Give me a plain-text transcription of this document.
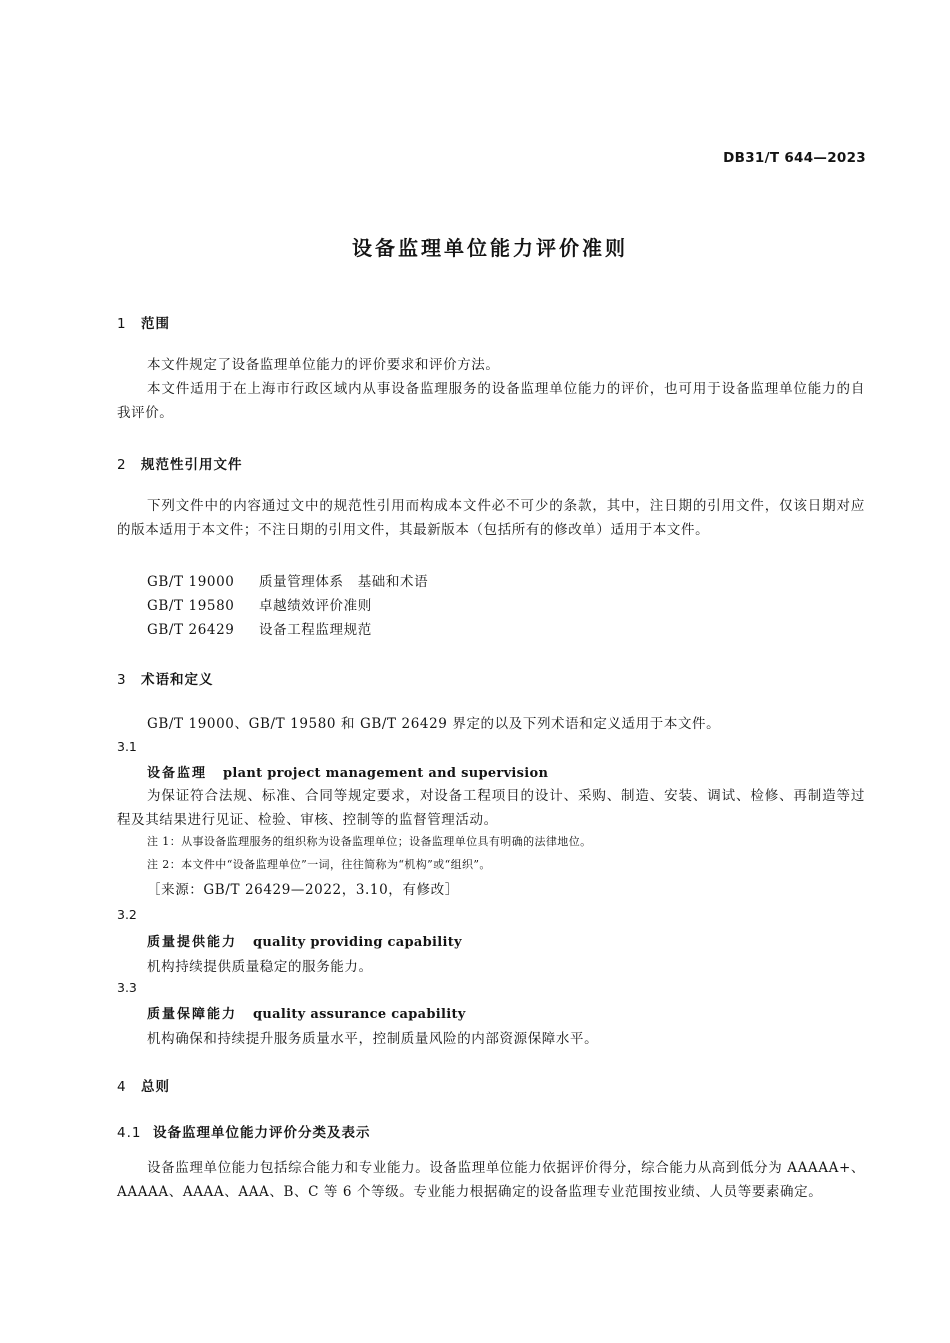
DB31/T 644—2023
设备监理单位能力评价准则
1 范围
本文件规定了设备监理单位能力的评价要求和评价方法。
本文件适用于在上海市行政区域内从事设备监理服务的设备监理单位能力的评价，也可用于设备监理单位能力的自我评价。
2 规范性引用文件
下列文件中的内容通过文中的规范性引用而构成本文件必不可少的条款，其中，注日期的引用文件，仅该日期对应的版本适用于本文件；不注日期的引用文件，其最新版本（包括所有的修改单）适用于本文件。
GB/T 19000 质量管理体系　基础和术语
GB/T 19580 卓越绩效评价准则
GB/T 26429 设备工程监理规范
3 术语和定义
GB/T 19000、GB/T 19580 和 GB/T 26429 界定的以及下列术语和定义适用于本文件。
3.1
设备监理 plant project management and supervision
为保证符合法规、标准、合同等规定要求，对设备工程项目的设计、采购、制造、安装、调试、检修、再制造等过程及其结果进行见证、检验、审核、控制等的监督管理活动。
注 1：从事设备监理服务的组织称为设备监理单位；设备监理单位具有明确的法律地位。
注 2：本文件中“设备监理单位”一词，往往简称为“机构”或“组织”。
［来源：GB/T 26429—2022，3.10，有修改］
3.2
质量提供能力 quality providing capability
机构持续提供质量稳定的服务能力。
3.3
质量保障能力 quality assurance capability
机构确保和持续提升服务质量水平，控制质量风险的内部资源保障水平。
4 总则
4.1 设备监理单位能力评价分类及表示
设备监理单位能力包括综合能力和专业能力。设备监理单位能力依据评价得分，综合能力从高到低分为 AAAAA+、AAAAA、AAAA、AAA、B、C 等 6 个等级。专业能力根据确定的设备监理专业范围按业绩、人员等要素确定。
